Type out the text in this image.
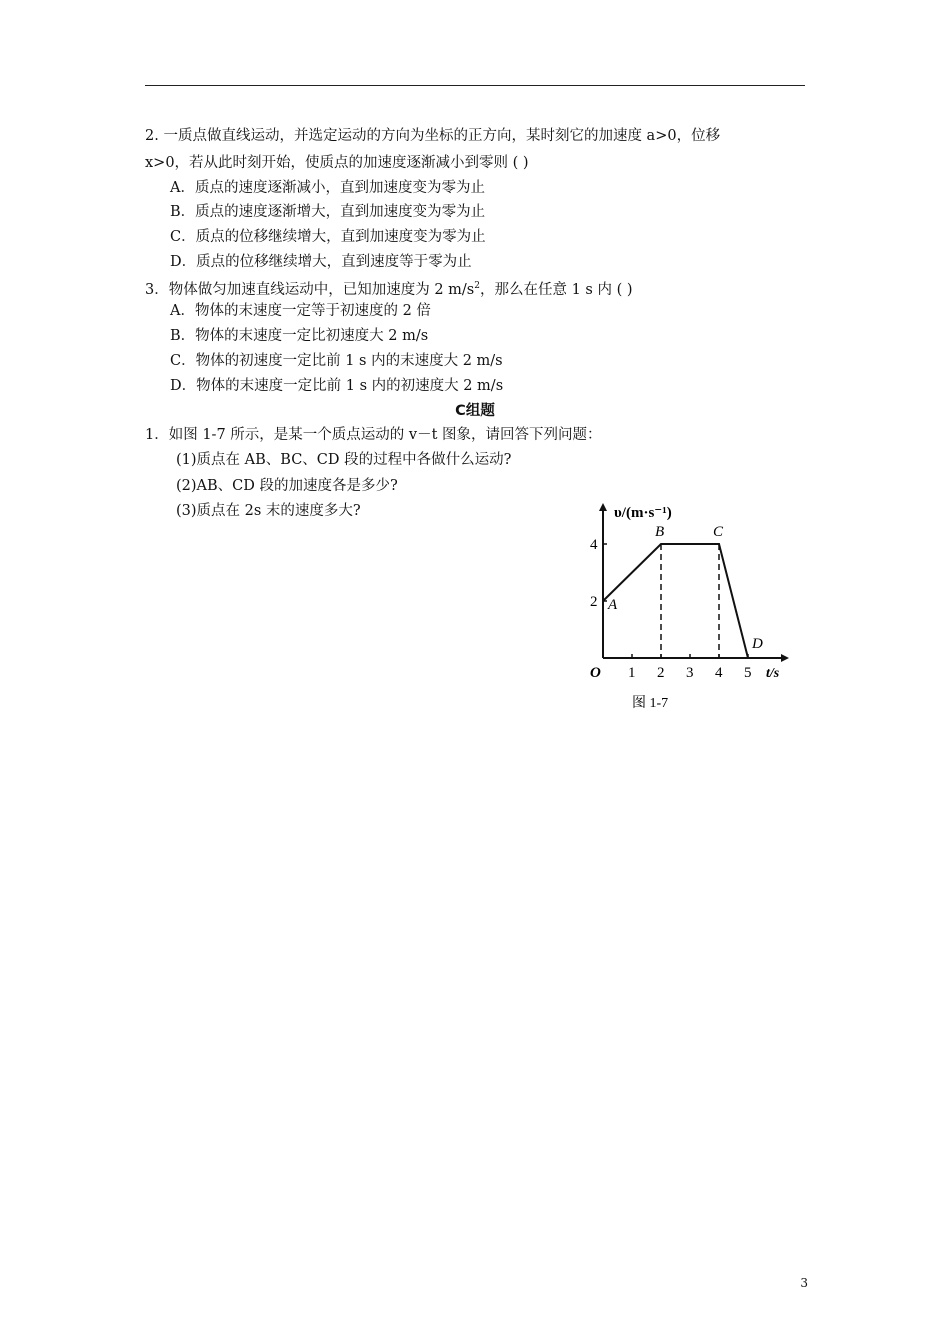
2. 一质点做直线运动，并选定运动的方向为坐标的正方向，某时刻它的加速度 a>0，位移
x>0，若从此时刻开始，使质点的加速度逐渐减小到零则 ( )
A．质点的速度逐渐减小，直到加速度变为零为止
B．质点的速度逐渐增大，直到加速度变为零为止
C．质点的位移继续增大，直到加速度变为零为止
D．质点的位移继续增大，直到速度等于零为止
3．物体做匀加速直线运动中，已知加速度为 2 $m/s^2$，那么在任意 1 s 内 ( )
A．物体的末速度一定等于初速度的 2 倍
B．物体的末速度一定比初速度大 2 m/s
C．物体的初速度一定比前 1 s 内的末速度大 2 m/s
D．物体的末速度一定比前 1 s 内的初速度大 2 m/s
C组题
1．如图 1-7 所示，是某一个质点运动的 v－t 图象，请回答下列问题：
(1)质点在 AB、BC、CD 段的过程中各做什么运动?
(2)AB、CD 段的加速度各是多少?
(3)质点在 2s 末的速度多大?
1 2 3 4 5
2
4
A
B	C
D
υ/(m·s⁻¹)
t/s
O
图 1-7
3
